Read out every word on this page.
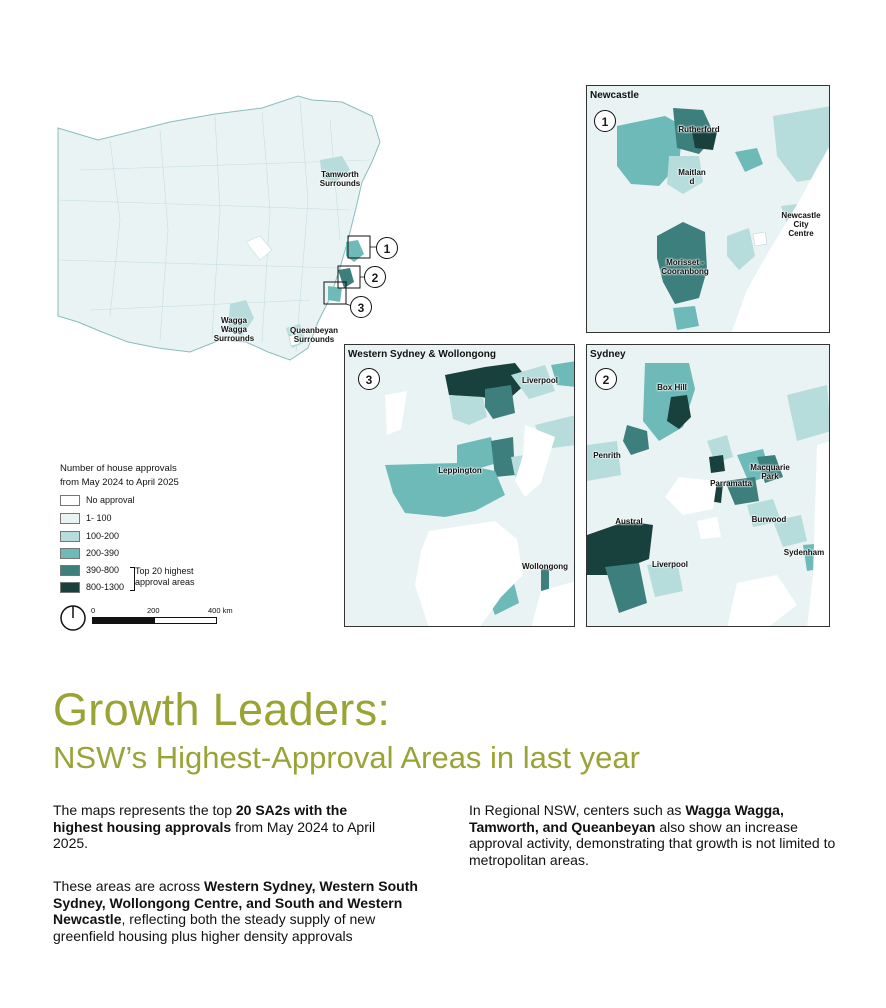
Tamworth
Surrounds
Wagga
Wagga
Surrounds
Queanbeyan
Surrounds
1
2
3
Newcastle
1
Rutherford
Maitlan
d
Newcastle
City
Centre
Morisset -
Cooranbong
Western Sydney & Wollongong
3	Liverpool
Leppington
Wollongong
Sydney
2
Box Hill
Penrith
Macquarie
Park
Parramatta
Burwood
Austral
Liverpool
Sydenham
Number of house approvals
from May 2024 to April 2025
No approval
1- 100
100-200
200-390
390-800
800-1300
Top 20 highest
approval areas
0	200	400 km
Growth Leaders:
NSW’s Highest-Approval Areas in last year
The maps represents the top 20 SA2s with the highest housing approvals from May 2024 to April 2025.
These areas are across Western Sydney, Western South Sydney, Wollongong Centre, and South and Western Newcastle, reflecting both the steady supply of new greenfield housing plus higher density approvals
In Regional NSW, centers such as Wagga Wagga, Tamworth, and Queanbeyan also show an increase approval activity, demonstrating that growth is not limited to metropolitan areas.
